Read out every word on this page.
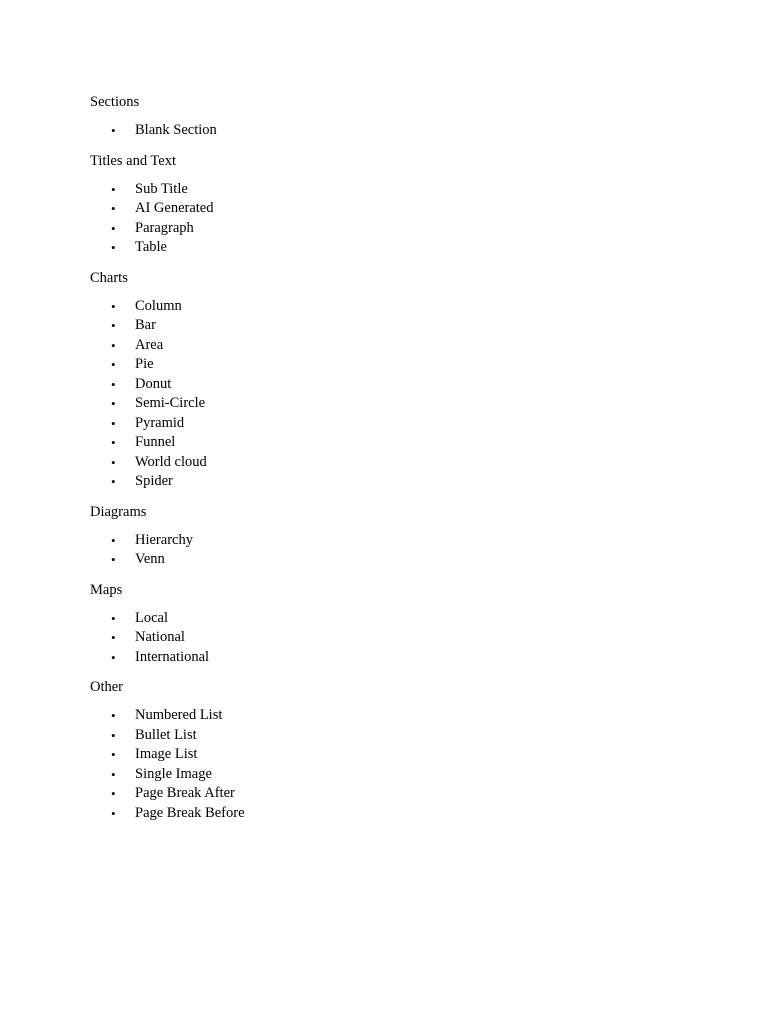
Sections

• Blank Section

Titles and Text

• Sub Title
• AI Generated
• Paragraph
• Table

Charts

• Column
• Bar
• Area
• Pie
• Donut
• Semi-Circle
• Pyramid
• Funnel
• World cloud
• Spider

Diagrams

• Hierarchy
• Venn

Maps

• Local
• National
• International

Other

• Numbered List
• Bullet List
• Image List
• Single Image
• Page Break After
• Page Break Before
